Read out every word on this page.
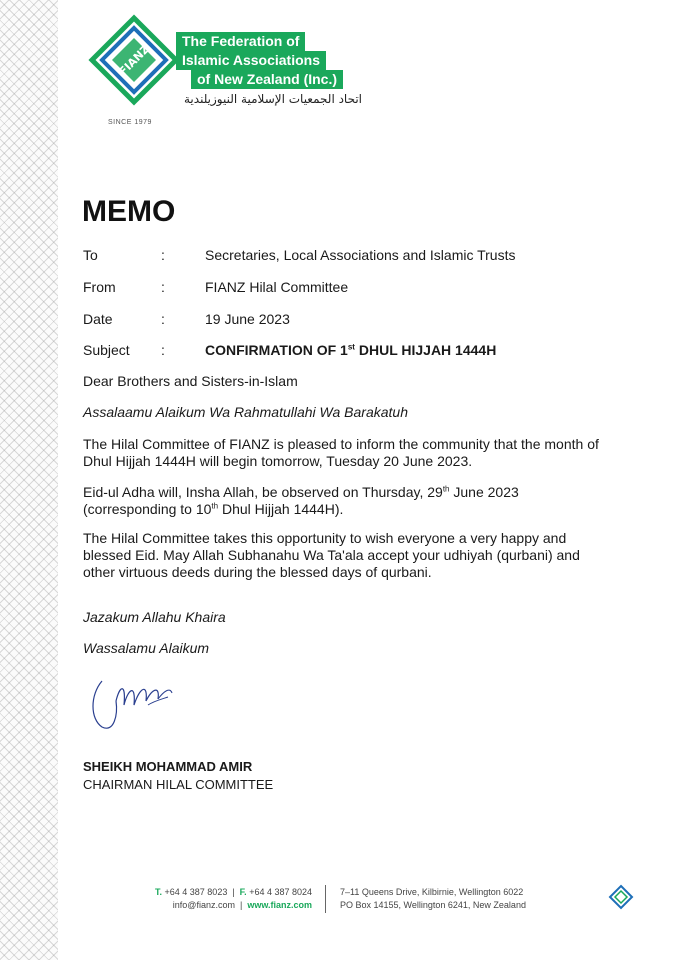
FIANZ
The Federation of
Islamic Associations
of New Zealand (Inc.)
اتحاد الجمعيات الإسلامية النيوزيلندية
SINCE 1979
MEMO
To	:	Secretaries, Local Associations and Islamic Trusts
From	:	FIANZ Hilal Committee
Date	:	19 June 2023
Subject :	CONFIRMATION OF 1st DHUL HIJJAH 1444H
Dear Brothers and Sisters-in-Islam
Assalaamu Alaikum Wa Rahmatullahi Wa Barakatuh
The Hilal Committee of FIANZ is pleased to inform the community that the month of Dhul Hijjah 1444H will begin tomorrow, Tuesday 20 June 2023.
Eid-ul Adha will, Insha Allah, be observed on Thursday, 29th June 2023 (corresponding to 10th Dhul Hijjah 1444H).
The Hilal Committee takes this opportunity to wish everyone a very happy and blessed Eid. May Allah Subhanahu Wa Ta'ala accept your udhiyah (qurbani) and other virtuous deeds during the blessed days of qurbani.
Jazakum Allahu Khaira
Wassalamu Alaikum
SHEIKH MOHAMMAD AMIR
CHAIRMAN HILAL COMMITTEE
T. +64 4 387 8023  |  F. +64 4 387 8024
info@fianz.com  |  www.fianz.com
7–11 Queens Drive, Kilbirnie, Wellington 6022
PO Box 14155, Wellington 6241, New Zealand
